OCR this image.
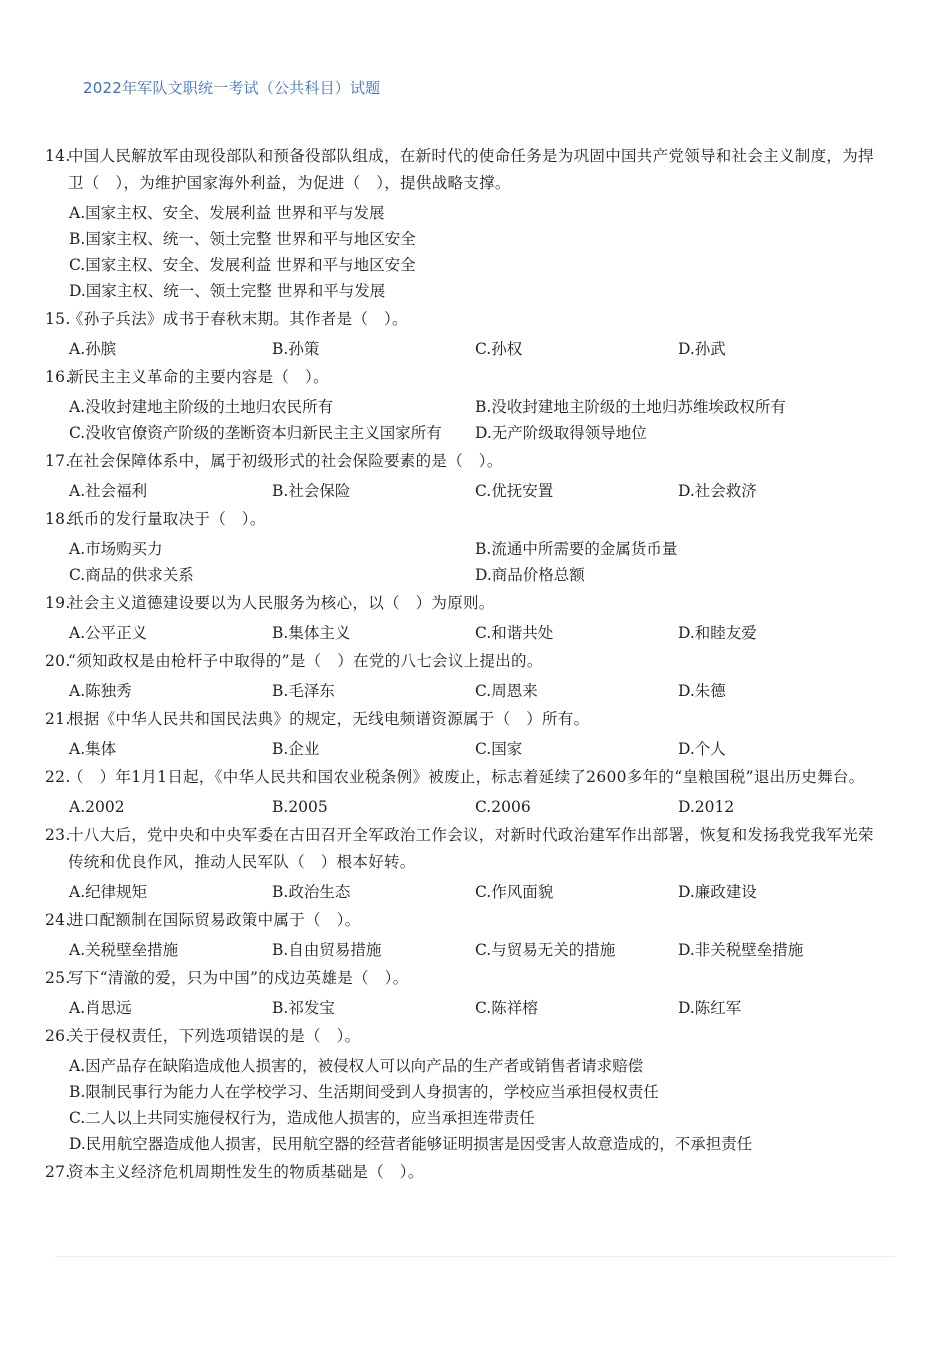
2022年军队文职统一考试（公共科目）试题
14.
中国人民解放军由现役部队和预备役部队组成，在新时代的使命任务是为巩固中国共产党领导和社会主义制度，为捍卫（　），为维护国家海外利益，为促进（　），提供战略支撑。
A.国家主权、安全、发展利益 世界和平与发展
B.国家主权、统一、领土完整 世界和平与地区安全
C.国家主权、安全、发展利益 世界和平与地区安全
D.国家主权、统一、领土完整 世界和平与发展
15.
《孙子兵法》成书于春秋末期。其作者是（　）。
A.孙膑	B.孙策	C.孙权	D.孙武
16.
新民主主义革命的主要内容是（　）。
A.没收封建地主阶级的土地归农民所有	B.没收封建地主阶级的土地归苏维埃政权所有
C.没收官僚资产阶级的垄断资本归新民主主义国家所有	D.无产阶级取得领导地位
17.
在社会保障体系中，属于初级形式的社会保险要素的是（　）。
A.社会福利	B.社会保险	C.优抚安置	D.社会救济
18.
纸币的发行量取决于（　）。
A.市场购买力	B.流通中所需要的金属货币量
C.商品的供求关系	D.商品价格总额
19.
社会主义道德建设要以为人民服务为核心，以（　）为原则。
A.公平正义	B.集体主义	C.和谐共处	D.和睦友爱
20.
“须知政权是由枪杆子中取得的”是（　）在党的八七会议上提出的。
A.陈独秀	B.毛泽东	C.周恩来	D.朱德
21.
根据《中华人民共和国民法典》的规定，无线电频谱资源属于（　）所有。
A.集体	B.企业	C.国家	D.个人
22.
（　）年1月1日起，《中华人民共和国农业税条例》被废止，标志着延续了2600多年的“皇粮国税”退出历史舞台。
A.2002	B.2005	C.2006	D.2012
23.
十八大后，党中央和中央军委在古田召开全军政治工作会议，对新时代政治建军作出部署，恢复和发扬我党我军光荣传统和优良作风，推动人民军队（　）根本好转。
A.纪律规矩	B.政治生态	C.作风面貌	D.廉政建设
24.
进口配额制在国际贸易政策中属于（　）。
A.关税壁垒措施	B.自由贸易措施	C.与贸易无关的措施	D.非关税壁垒措施
25.
写下“清澈的爱，只为中国”的戍边英雄是（　）。
A.肖思远	B.祁发宝	C.陈祥榕	D.陈红军
26.
关于侵权责任，下列选项错误的是（　）。
A.因产品存在缺陷造成他人损害的，被侵权人可以向产品的生产者或销售者请求赔偿
B.限制民事行为能力人在学校学习、生活期间受到人身损害的，学校应当承担侵权责任
C.二人以上共同实施侵权行为，造成他人损害的，应当承担连带责任
D.民用航空器造成他人损害，民用航空器的经营者能够证明损害是因受害人故意造成的，不承担责任
27.
资本主义经济危机周期性发生的物质基础是（　）。
